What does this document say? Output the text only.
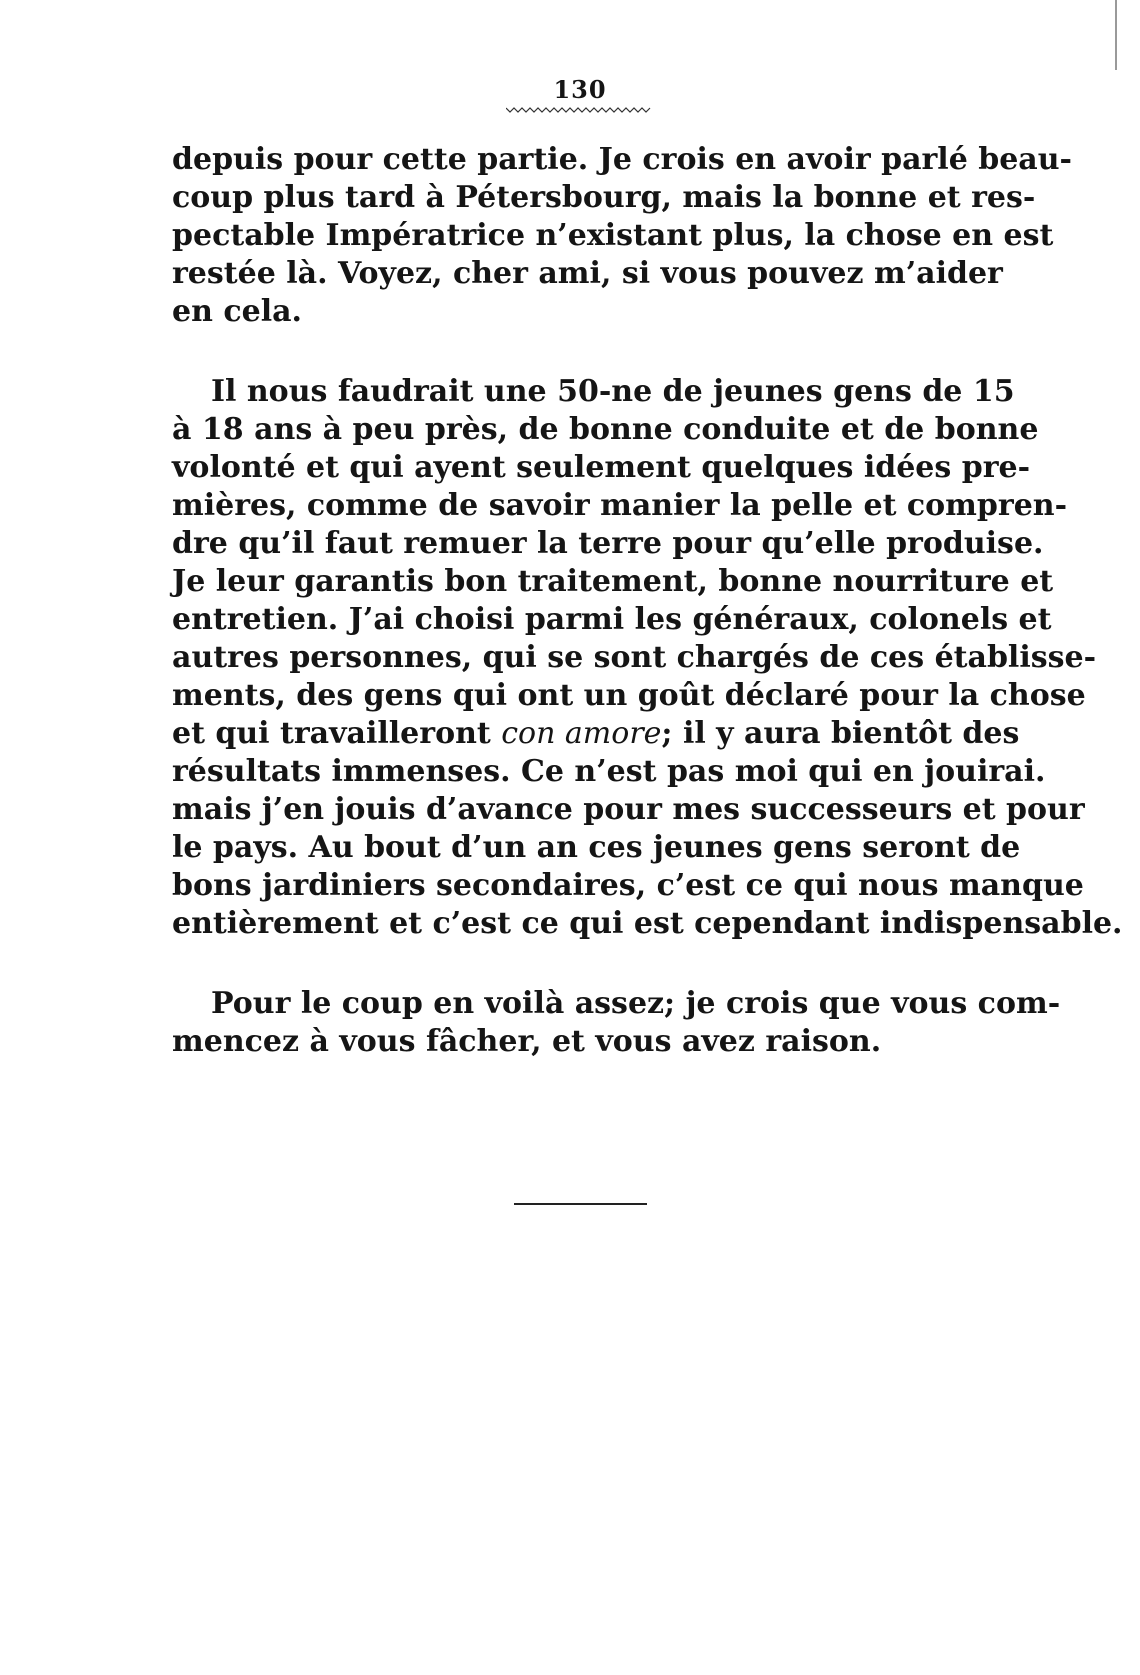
130
depuis pour cette partie. Je crois en avoir parlé beau-
coup plus tard à Pétersbourg, mais la bonne et res-
pectable Impératrice n’existant plus, la chose en est
restée là. Voyez, cher ami, si vous pouvez m’aider
en cela.
Il nous faudrait une 50-ne de jeunes gens de 15
à 18 ans à peu près, de bonne conduite et de bonne
volonté et qui ayent seulement quelques idées pre-
mières, comme de savoir manier la pelle et compren-
dre qu’il faut remuer la terre pour qu’elle produise.
Je leur garantis bon traitement, bonne nourriture et
entretien. J’ai choisi parmi les généraux, colonels et
autres personnes, qui se sont chargés de ces établisse-
ments, des gens qui ont un goût déclaré pour la chose
et qui travailleront con amore; il y aura bientôt des
résultats immenses. Ce n’est pas moi qui en jouirai.
mais j’en jouis d’avance pour mes successeurs et pour
le pays. Au bout d’un an ces jeunes gens seront de
bons jardiniers secondaires, c’est ce qui nous manque
entièrement et c’est ce qui est cependant indispensable.
Pour le coup en voilà assez; je crois que vous com-
mencez à vous fâcher, et vous avez raison.
